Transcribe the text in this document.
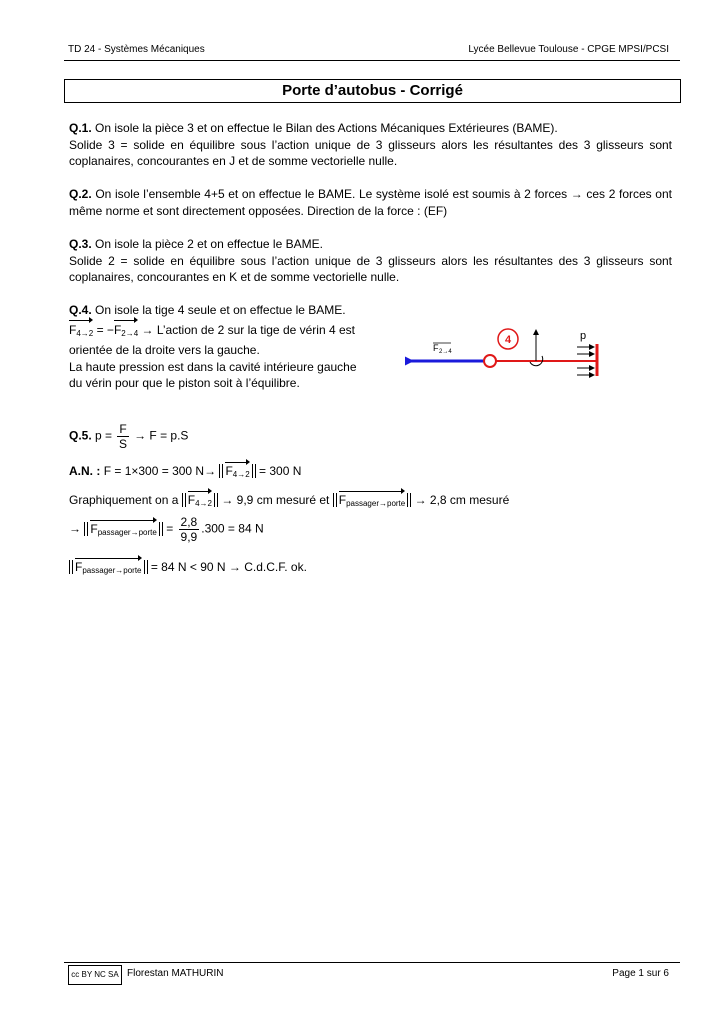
TD 24 - Systèmes Mécaniques	Lycée Bellevue Toulouse - CPGE MPSI/PCSI
Porte d’autobus - Corrigé
Q.1. On isole la pièce 3 et on effectue le Bilan des Actions Mécaniques Extérieures (BAME).
Solide 3 = solide en équilibre sous l’action unique de 3 glisseurs alors les résultantes des 3 glisseurs sont coplanaires, concourantes en J et de somme vectorielle nulle.
Q.2. On isole l’ensemble 4+5 et on effectue le BAME. Le système isolé est soumis à 2 forces → ces 2 forces ont même norme et sont directement opposées. Direction de la force : (EF)
Q.3. On isole la pièce 2 et on effectue le BAME.
Solide 2 = solide en équilibre sous l’action unique de 3 glisseurs alors les résultantes des 3 glisseurs sont coplanaires, concourantes en K et de somme vectorielle nulle.
Q.4. On isole la tige 4 seule et on effectue le BAME.
$F_{4\to 2} = -F_{2\to 4}$ → L’action de 2 sur la tige de vérin 4 est orientée de la droite vers la gauche.
La haute pression est dans la cavité intérieure gauche du vérin pour que le piston soit à l’équilibre.
F 2→4
4	p
Q.5. $p = \frac{F}{S} \to F = p.S$
A.N. : F = 1×300 = 300 $N\to F_{4\to 2} = 300$ N
Graphiquement on a $F_{4\to 2} \to 9,9$ cm mesuré et $F_{passager\to porte} \to 2,8$ cm mesuré
→ $F_{passager\to porte} = \frac{2,8}{9,9} .300 = 84$ N
$F_{passager\to porte} = 84$ N < 90 N → C.d.C.F. ok.
cc BY NC SA Florestan MATHURIN	Page 1 sur 6
